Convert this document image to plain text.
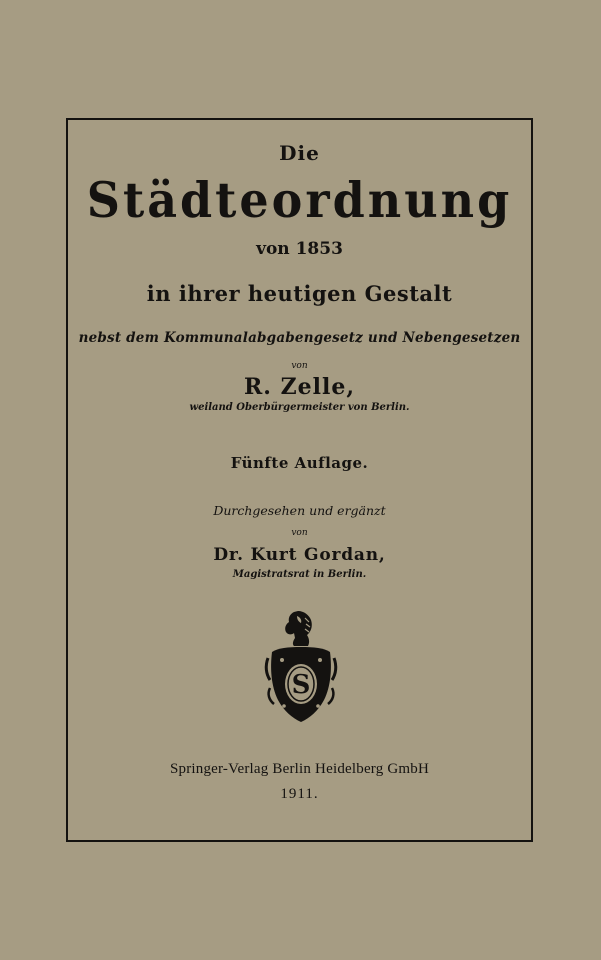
Die
Städteordnung
von 1853
in ihrer heutigen Gestalt
nebst dem Kommunalabgabengesetz und Nebengesetzen
von
R. Zelle,
weiland Oberbürgermeister von Berlin.
Fünfte Auflage.
Durchgesehen und ergänzt
von
Dr. Kurt Gordan,
Magistratsrat in Berlin.
S
Springer-Verlag Berlin Heidelberg GmbH
1911.
